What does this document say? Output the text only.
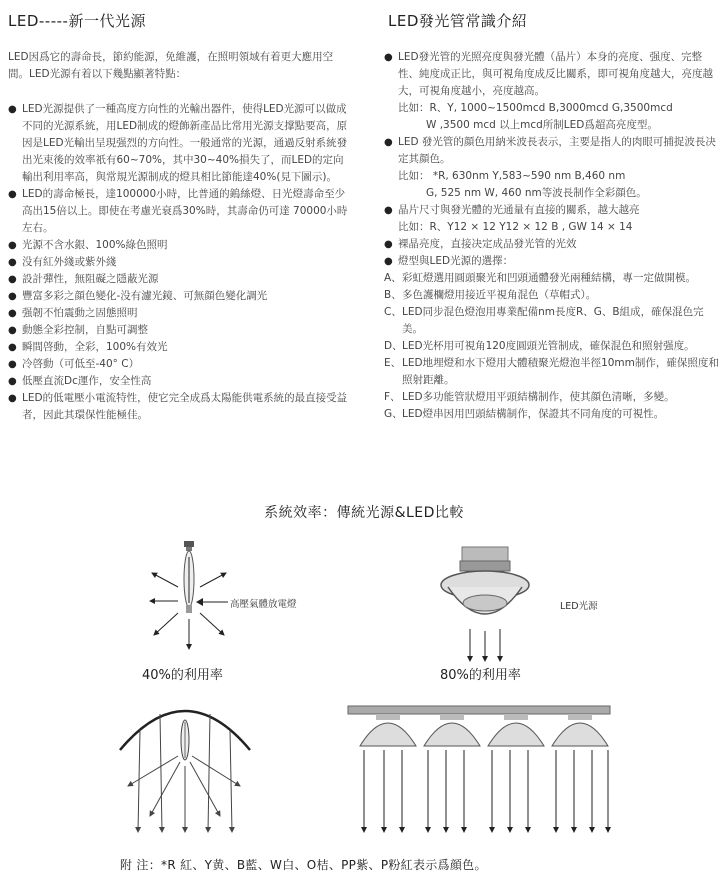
LED-----新一代光源

LED因爲它的壽命長，節約能源，免維護，在照明領域有着更大應用空間。LED光源有着以下幾點顯著特點：

● LED光源提供了一種高度方向性的光輸出器件，使得LED光源可以做成不同的光源系統，用LED制成的燈飾新產品比常用光源支撑點要高，原因是LED光輸出呈現强烈的方向性。一般通常的光源，通過反射系統發出光束後的效率祇有60~70%，其中30~40%損失了，而LED的定向輸出利用率高，與常規光源制成的燈具相比節能達40%(見下圖示)。
● LED的壽命極長，達100000小時，比普通的鎢絲燈、日光燈壽命至少高出15倍以上。即使在考慮光衰爲30%時，其壽命仍可達 70000小時左右。
● 光源不含水銀、100%綠色照明
● 没有紅外綫或紫外綫
● 設計彈性，無阻礙之隱蔽光源
● 豐富多彩之顔色變化-没有濾光鏡、可無顔色變化調光
● 强韌不怕震動之固態照明
● 動態全彩控制，自點可調整
● 瞬間啓動，全彩，100%有效光
● 冷啓動（可低至-40° C）
● 低壓直流Dc運作，安全性高
● LED的低電壓小電流特性，使它完全成爲太陽能供電系統的最直接受益者，因此其環保性能極佳。
LED發光管常識介紹
● LED發光管的光照亮度與發光體（晶片）本身的亮度、强度、完整性、純度成正比，與可視角度成反比關系，即可視角度越大，亮度越大，可視角度越小，亮度越高。
比如：R、Y, 1000~1500mcd B,3000mcd G,3500mcd
W ,3500 mcd 以上mcd所制LED爲超高亮度型。
● LED 發光管的顔色用納米波長表示，主要是指人的肉眼可捕捉波長决定其顔色。
比如： *R, 630nm Y,583~590 nm B,460 nm
G, 525 nm W, 460 nm等波長制作全彩顔色。
● 晶片尺寸與發光體的光通量有直接的關系，越大越亮
比如：R、Y12 × 12 Y12 × 12 B , GW 14 × 14
● 裸晶亮度，直接决定成品發光管的光效
● 燈型與LED光源的選擇：
A、 彩虹燈選用圓頭聚光和凹頭通體發光兩種結構，專一定做開模。
B、 多色護欄燈用接近平視角混色（草帽式）。
C、 LED同步混色燈泡用專業配備nm長度R、G、B組成，確保混色完美。
D、 LED光杯用可視角120度圓頭光管制成，確保混色和照射强度。
E、 LED地埋燈和水下燈用大體積聚光燈泡半徑10mm制作，確保照度和照射距離。
F、 LED多功能管狀燈用平頭結構制作，使其顔色清晰，多變。
G、 LED燈串因用凹頭結構制作，保證其不同角度的可視性。
系統效率：傳統光源&LED比較
高壓氣體放電燈
40%的利用率
LED光源
80%的利用率
附 注：*R 紅、Y黄、B藍、W白、O桔、PP紫、P粉紅表示爲顔色。
